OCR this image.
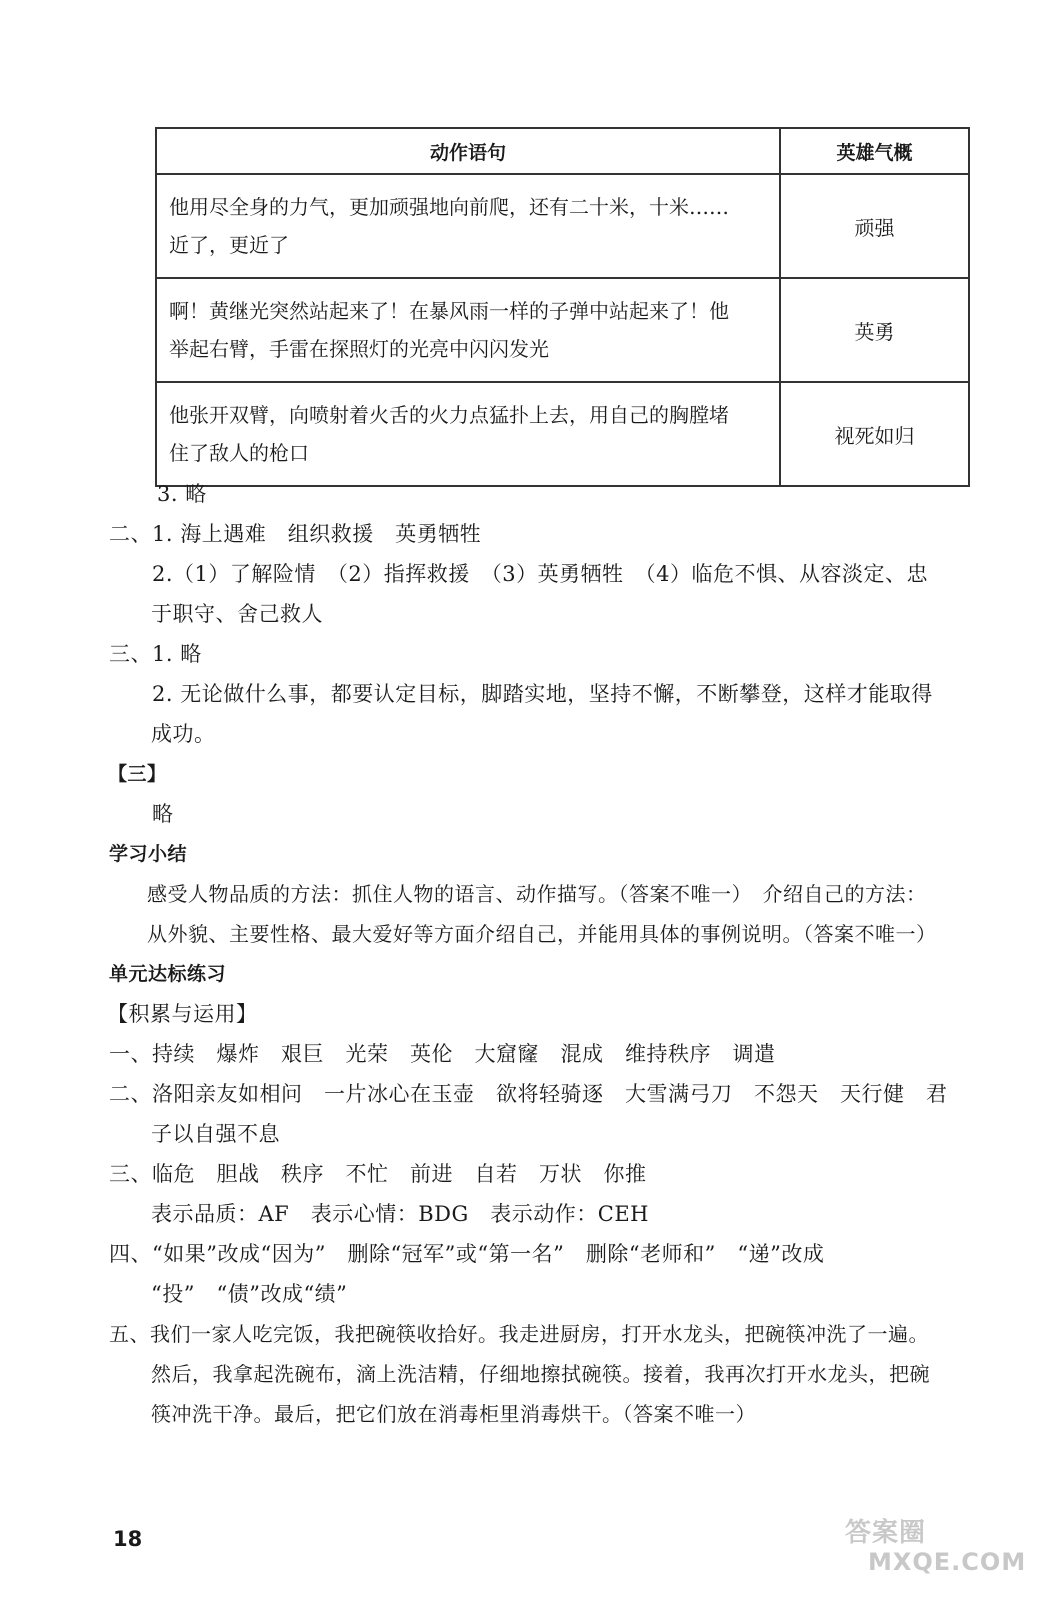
动作语句	英雄气概
他用尽全身的力气，更加顽强地向前爬，还有二十米，十米……
近了，更近了	顽强
啊！黄继光突然站起来了！在暴风雨一样的子弹中站起来了！他
举起右臂，手雷在探照灯的光亮中闪闪发光	英勇
他张开双臂，向喷射着火舌的火力点猛扑上去，用自己的胸膛堵
住了敌人的枪口	视死如归
3. 略
二、1. 海上遇难　组织救援　英勇牺牲
2.（1）了解险情　（2）指挥救援　（3）英勇牺牲　（4）临危不惧、从容淡定、忠
于职守、舍己救人
三、1. 略
2. 无论做什么事，都要认定目标，脚踏实地，坚持不懈，不断攀登，这样才能取得
成功。
【三】
略
学习小结
感受人物品质的方法：抓住人物的语言、动作描写。（答案不唯一）　介绍自己的方法：
从外貌、主要性格、最大爱好等方面介绍自己，并能用具体的事例说明。（答案不唯一）
单元达标练习
【积累与运用】
一、持续　爆炸　艰巨　光荣　英伦　大窟窿　混成　维持秩序　调遣
二、洛阳亲友如相问　一片冰心在玉壶　欲将轻骑逐　大雪满弓刀　不怨天　天行健　君
子以自强不息
三、临危　胆战　秩序　不忙　前进　自若　万状　你推
表示品质：AF　表示心情：BDG　表示动作：CEH
四、“如果”改成“因为”　删除“冠军”或“第一名”　删除“老师和”　“递”改成
“投”　“债”改成“绩”
五、我们一家人吃完饭，我把碗筷收拾好。我走进厨房，打开水龙头，把碗筷冲洗了一遍。
然后，我拿起洗碗布，滴上洗洁精，仔细地擦拭碗筷。接着，我再次打开水龙头，把碗
筷冲洗干净。最后，把它们放在消毒柜里消毒烘干。（答案不唯一）
18	答案圈
MXQE.COM
